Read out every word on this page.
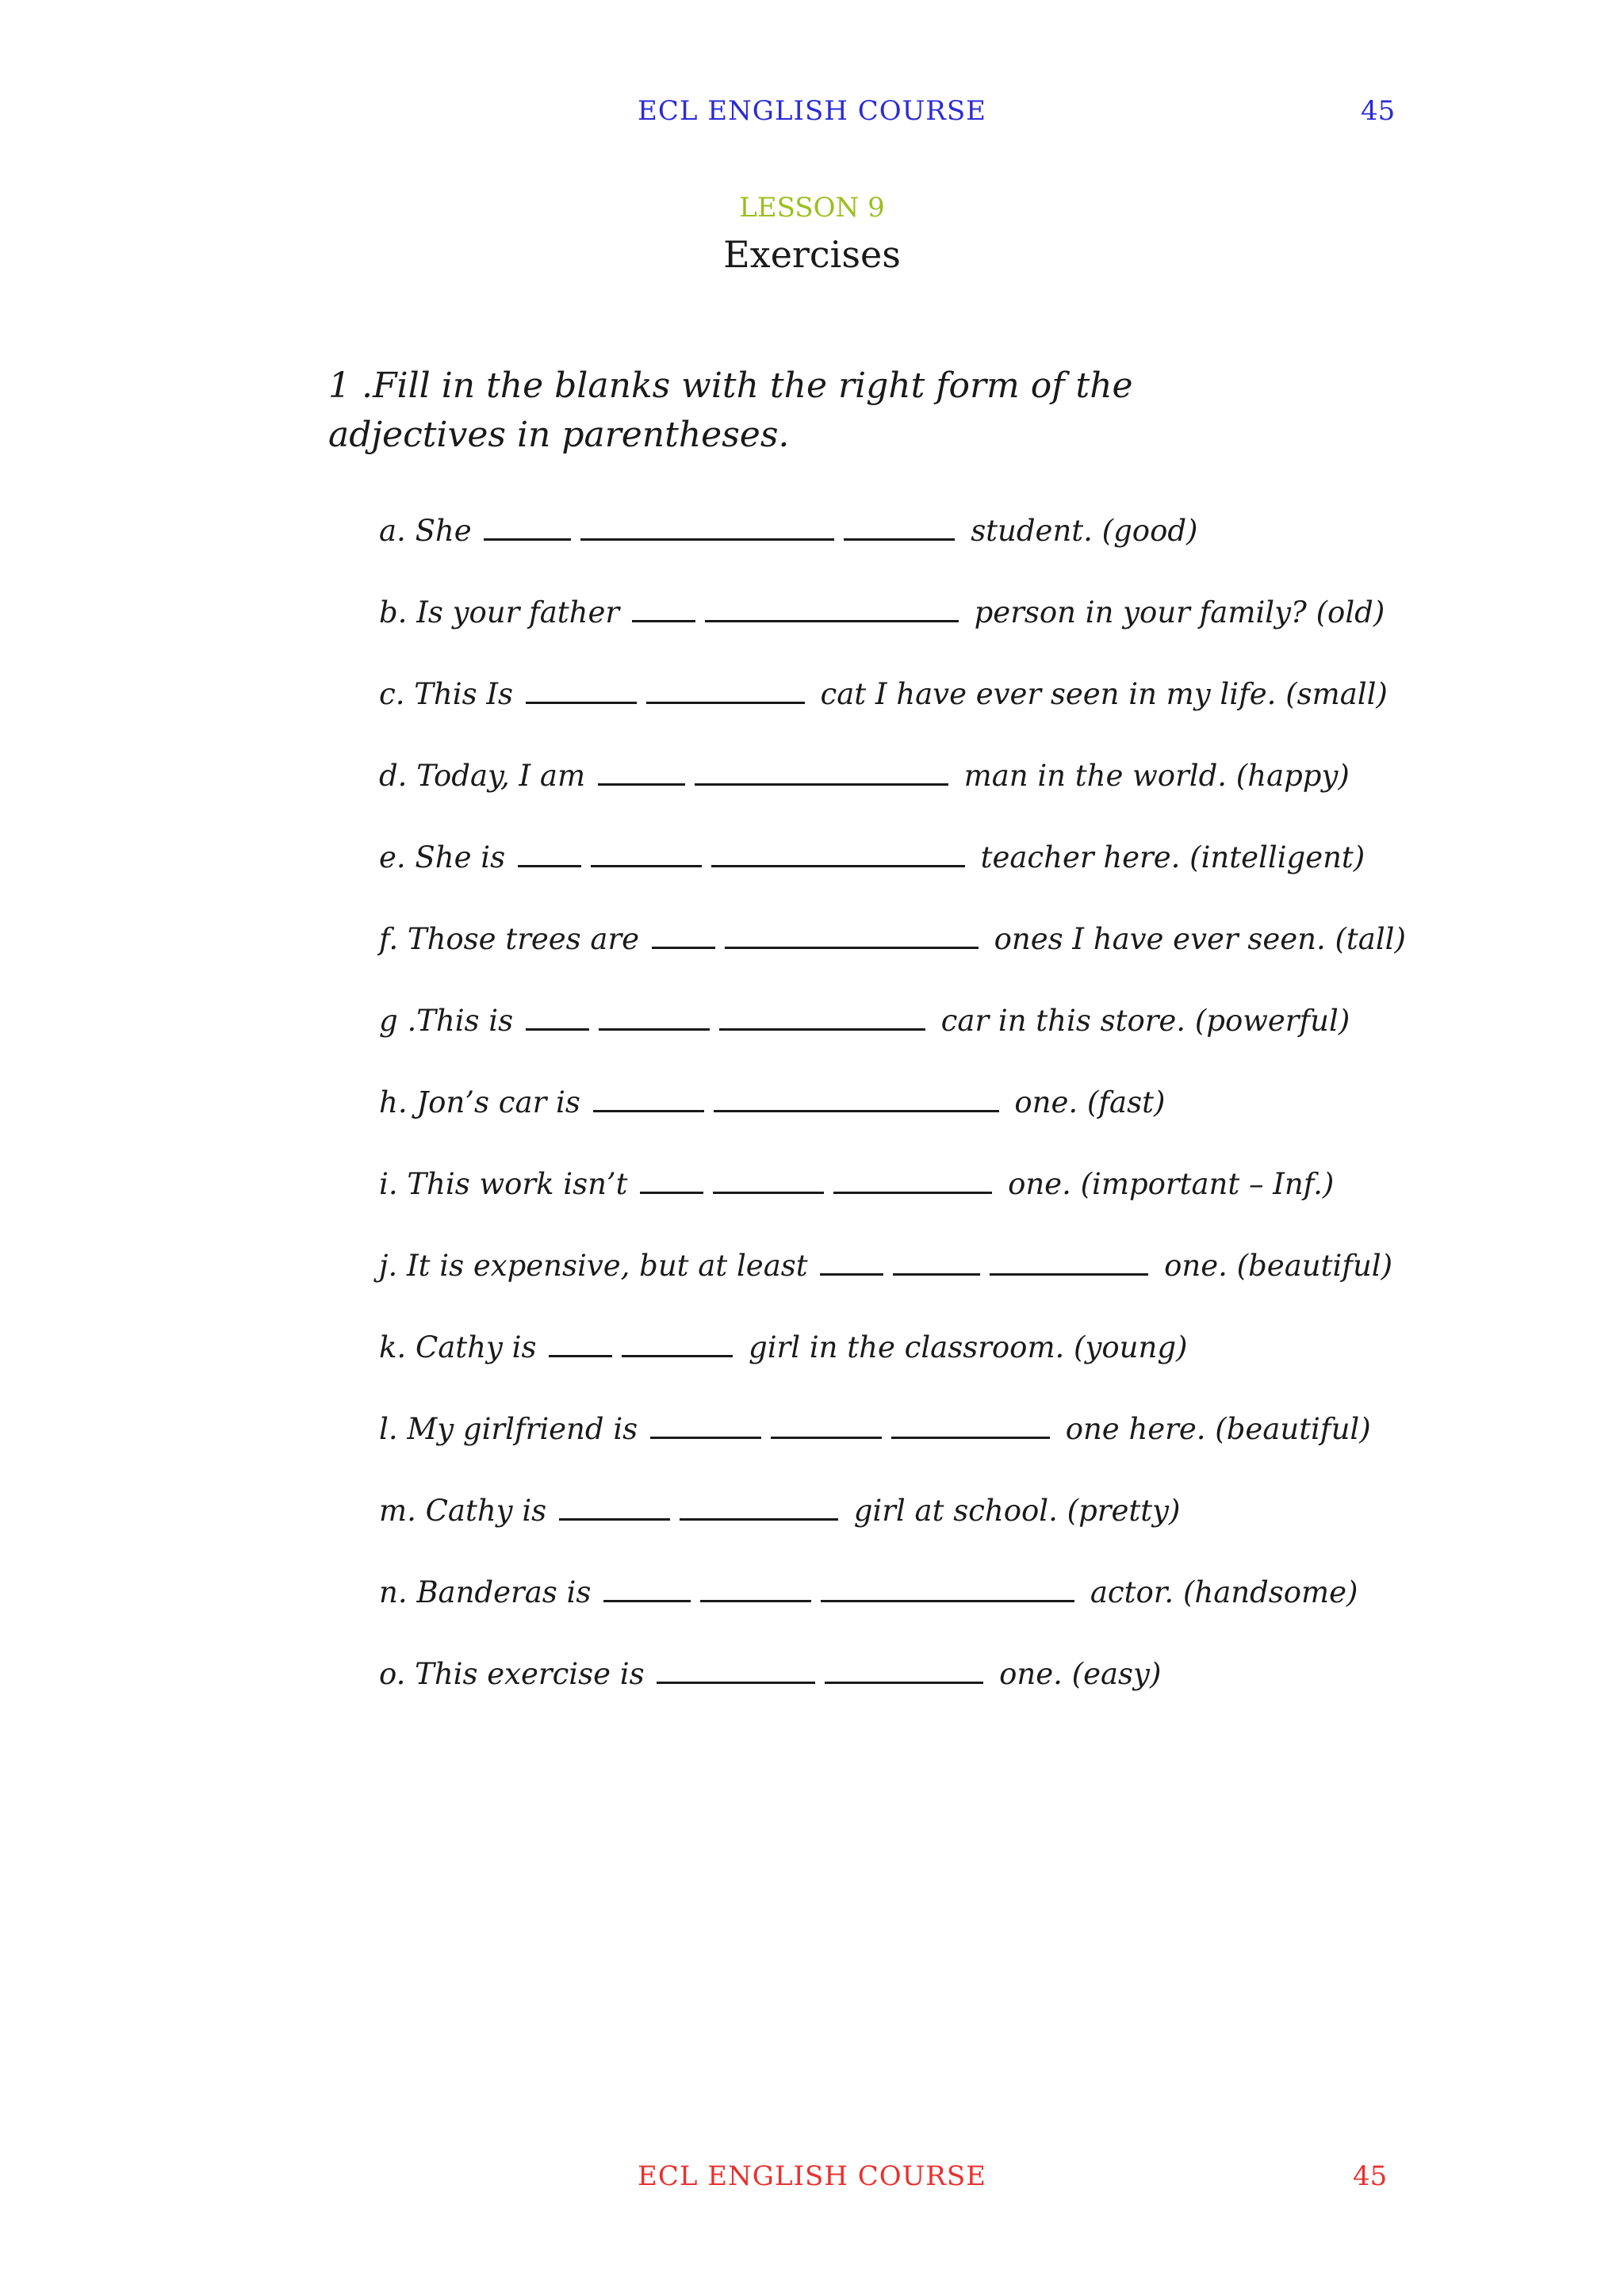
ECL ENGLISH COURSE	45
LESSON 9
Exercises
1 .Fill in the blanks with the right form of the adjectives in parentheses.
a. She	student. (good)
b. Is your father	person in your family? (old)
c. This Is	cat I have ever seen in my life. (small)
d. Today, I am	man in the world. (happy)
e. She is	teacher here. (intelligent)
f. Those trees are	ones I have ever seen. (tall)
g .This is	car in this store. (powerful)
h. Jon’s car is	one. (fast)
i. This work isn’t	one. (important – Inf.)
j. It is expensive, but at least	one. (beautiful)
k. Cathy is	girl in the classroom. (young)
l. My girlfriend is	one here. (beautiful)
m. Cathy is	girl at school. (pretty)
n. Banderas is	actor. (handsome)
o. This exercise is	one. (easy)
ECL ENGLISH COURSE	45
